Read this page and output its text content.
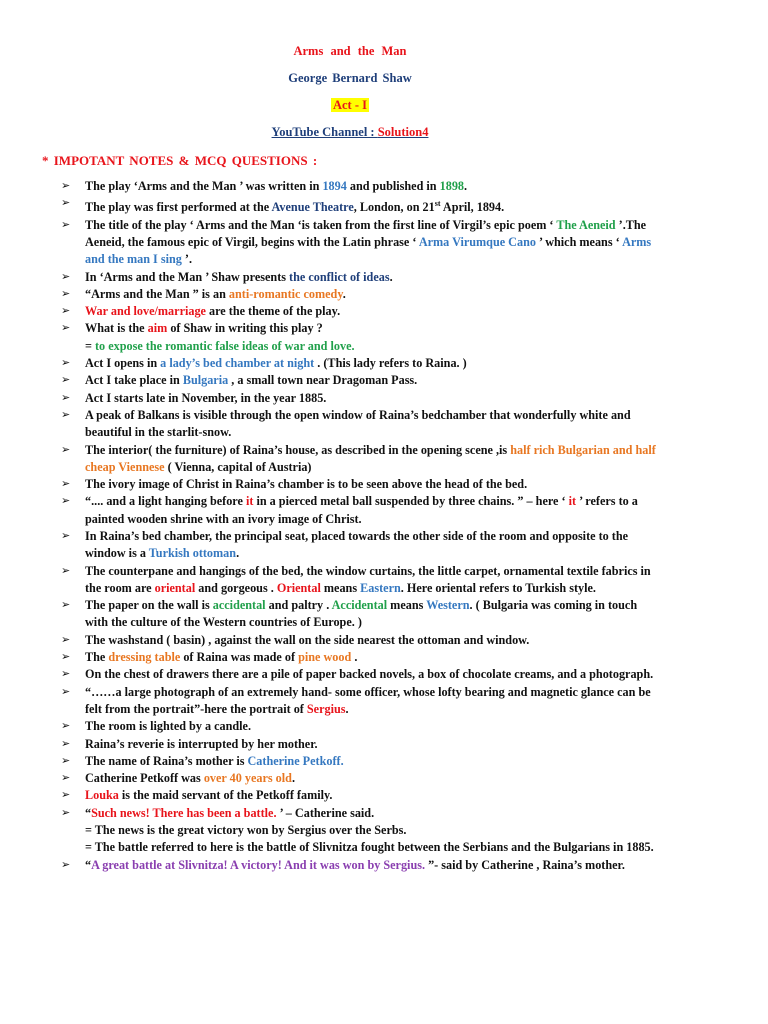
Arms and the Man
George Bernard Shaw
Act - I
YouTube Channel : Solution4
* IMPOTANT NOTES & MCQ QUESTIONS :
➢ The play ‘Arms and the Man ’ was written in 1894 and published in 1898.
➢ The play was first performed at the Avenue Theatre, London, on 21st April, 1894.
➢ The title of the play ‘ Arms and the Man ‘is taken from the first line of Virgil’s epic poem ‘ The Aeneid ’.The Aeneid, the famous epic of Virgil, begins with the Latin phrase ‘ Arma Virumque Cano ’ which means ‘ Arms and the man I sing ’.
➢ In ‘Arms and the Man ’ Shaw presents the conflict of ideas.
➢ “Arms and the Man ” is an anti-romantic comedy.
➢ War and love/marriage are the theme of the play.
➢ What is the aim of Shaw in writing this play ?
= to expose the romantic false ideas of war and love.
➢ Act I opens in a lady’s bed chamber at night . (This lady refers to Raina. )
➢ Act I take place in Bulgaria , a small town near Dragoman Pass.
➢ Act I starts late in November, in the year 1885.
➢ A peak of Balkans is visible through the open window of Raina’s bedchamber that wonderfully white and beautiful in the starlit-snow.
➢ The interior( the furniture) of Raina’s house, as described in the opening scene ,is half rich Bulgarian and half cheap Viennese ( Vienna, capital of Austria)
➢ The ivory image of Christ in Raina’s chamber is to be seen above the head of the bed.
➢ “.... and a light hanging before it in a pierced metal ball suspended by three chains. ” – here ‘ it ’ refers to a painted wooden shrine with an ivory image of Christ.
➢ In Raina’s bed chamber, the principal seat, placed towards the other side of the room and opposite to the window is a Turkish ottoman.
➢ The counterpane and hangings of the bed, the window curtains, the little carpet, ornamental textile fabrics in the room are oriental and gorgeous . Oriental means Eastern. Here oriental refers to Turkish style.
➢ The paper on the wall is accidental and paltry . Accidental means Western. ( Bulgaria was coming in touch with the culture of the Western countries of Europe. )
➢ The washstand ( basin) , against the wall on the side nearest the ottoman and window.
➢ The dressing table of Raina was made of pine wood .
➢ On the chest of drawers there are a pile of paper backed novels, a box of chocolate creams, and a photograph.
➢ “……a large photograph of an extremely hand- some officer, whose lofty bearing and magnetic glance can be felt from the portrait”-here the portrait of Sergius.
➢ The room is lighted by a candle.
➢ Raina’s reverie is interrupted by her mother.
➢ The name of Raina’s mother is Catherine Petkoff.
➢ Catherine Petkoff was over 40 years old.
➢ Louka is the maid servant of the Petkoff family.
➢ “Such news! There has been a battle. ’ – Catherine said.
= The news is the great victory won by Sergius over the Serbs.
= The battle referred to here is the battle of Slivnitza fought between the Serbians and the Bulgarians in 1885.
➢ “A great battle at Slivnitza! A victory! And it was won by Sergius. ”- said by Catherine , Raina’s mother.
